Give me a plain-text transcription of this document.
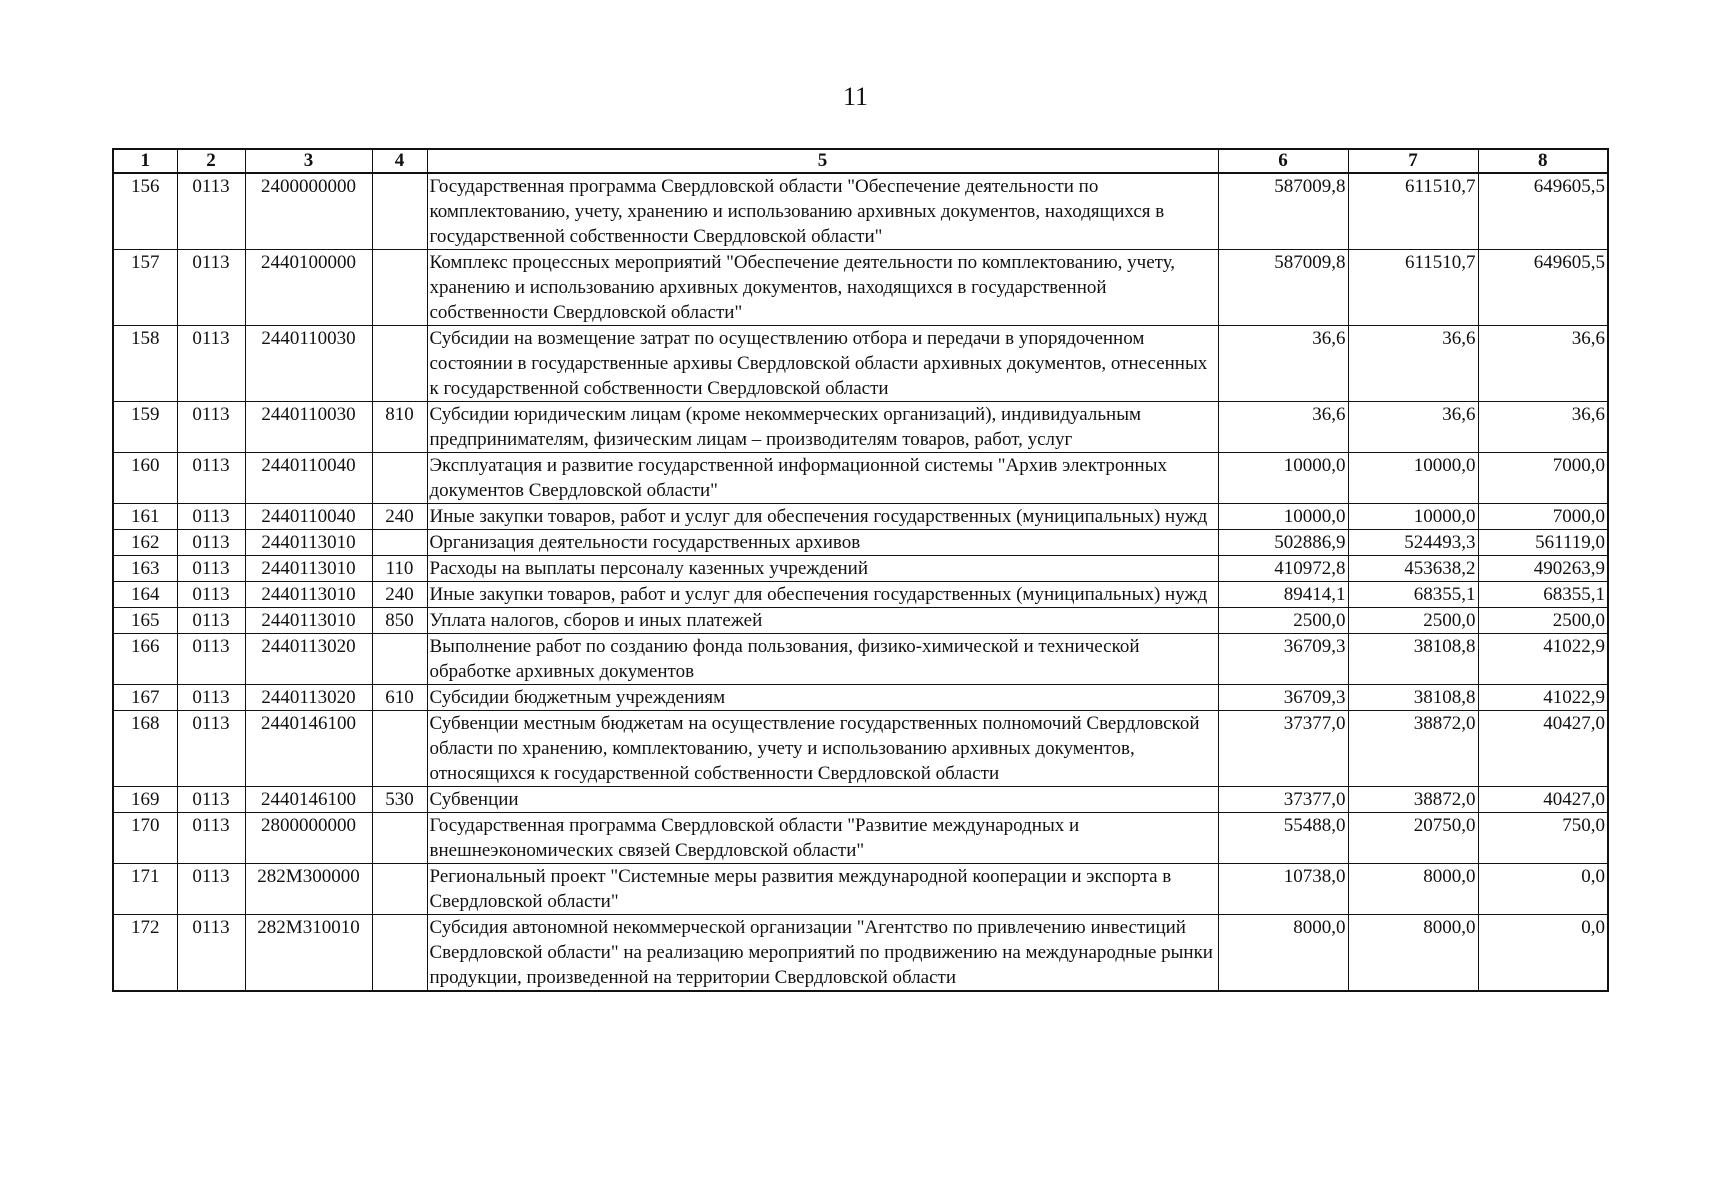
11
1	2	3	4	5	6	7	8
156	0113	2400000000		Государственная программа Свердловской области "Обеспечение деятельности по комплектованию, учету, хранению и использованию архивных документов, находящихся в государственной собственности Свердловской области"	587009,8	611510,7	649605,5
157	0113	2440100000		Комплекс процессных мероприятий "Обеспечение деятельности по комплектованию, учету, хранению и использованию архивных документов, находящихся в государственной собственности Свердловской области"	587009,8	611510,7	649605,5
158	0113	2440110030		Субсидии на возмещение затрат по осуществлению отбора и передачи в упорядоченном состоянии в государственные архивы Свердловской области архивных документов, отнесенных к государственной собственности Свердловской области	36,6	36,6	36,6
159	0113	2440110030	810	Субсидии юридическим лицам (кроме некоммерческих организаций), индивидуальным предпринимателям, физическим лицам – производителям товаров, работ, услуг	36,6	36,6	36,6
160	0113	2440110040		Эксплуатация и развитие государственной информационной системы "Архив электронных документов Свердловской области"	10000,0	10000,0	7000,0
161	0113	2440110040	240	Иные закупки товаров, работ и услуг для обеспечения государственных (муниципальных) нужд	10000,0	10000,0	7000,0
162	0113	2440113010		Организация деятельности государственных архивов	502886,9	524493,3	561119,0
163	0113	2440113010	110	Расходы на выплаты персоналу казенных учреждений	410972,8	453638,2	490263,9
164	0113	2440113010	240	Иные закупки товаров, работ и услуг для обеспечения государственных (муниципальных) нужд	89414,1	68355,1	68355,1
165	0113	2440113010	850	Уплата налогов, сборов и иных платежей	2500,0	2500,0	2500,0
166	0113	2440113020		Выполнение работ по созданию фонда пользования, физико-химической и технической обработке архивных документов	36709,3	38108,8	41022,9
167	0113	2440113020	610	Субсидии бюджетным учреждениям	36709,3	38108,8	41022,9
168	0113	2440146100		Субвенции местным бюджетам на осуществление государственных полномочий Свердловской области по хранению, комплектованию, учету и использованию архивных документов, относящихся к государственной собственности Свердловской области	37377,0	38872,0	40427,0
169	0113	2440146100	530	Субвенции	37377,0	38872,0	40427,0
170	0113	2800000000		Государственная программа Свердловской области "Развитие международных и внешнеэкономических связей Свердловской области"	55488,0	20750,0	750,0
171	0113	282М300000		Региональный проект "Системные меры развития международной кооперации и экспорта в Свердловской области"	10738,0	8000,0	0,0
172	0113	282М310010		Субсидия автономной некоммерческой организации "Агентство по привлечению инвестиций Свердловской области" на реализацию мероприятий по продвижению на международные рынки продукции, произведенной на территории Свердловской области	8000,0	8000,0	0,0
